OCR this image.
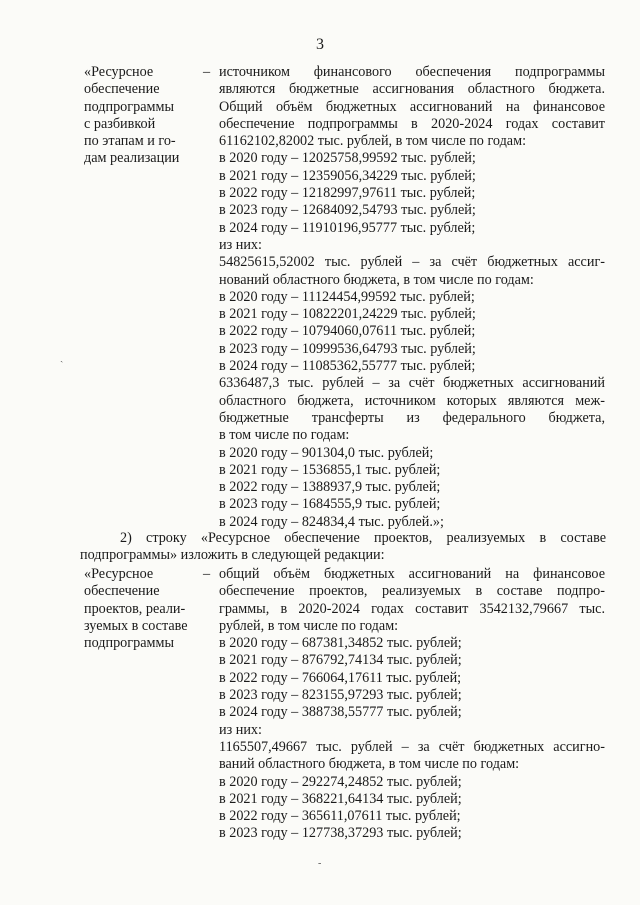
3
«Ресурсное
обеспечение
подпрограммы
с разбивкой
по этапам и го-
дам реализации
– источником финансового обеспечения подпрограммы
являются бюджетные ассигнования областного бюджета.
Общий объём бюджетных ассигнований на финансовое
обеспечение подпрограммы в 2020-2024 годах составит
61162102,82002 тыс. рублей, в том числе по годам:
в 2020 году – 12025758,99592 тыс. рублей;
в 2021 году – 12359056,34229 тыс. рублей;
в 2022 году – 12182997,97611 тыс. рублей;
в 2023 году – 12684092,54793 тыс. рублей;
в 2024 году – 11910196,95777 тыс. рублей;
из них:
54825615,52002 тыс. рублей – за счёт бюджетных ассиг-
нований областного бюджета, в том числе по годам:
в 2020 году – 11124454,99592 тыс. рублей;
в 2021 году – 10822201,24229 тыс. рублей;
в 2022 году – 10794060,07611 тыс. рублей;
в 2023 году – 10999536,64793 тыс. рублей;
в 2024 году – 11085362,55777 тыс. рублей;
6336487,3 тыс. рублей – за счёт бюджетных ассигнований
областного бюджета, источником которых являются меж-
бюджетные трансферты из федерального бюджета,
в том числе по годам:
в 2020 году – 901304,0 тыс. рублей;
в 2021 году – 1536855,1 тыс. рублей;
в 2022 году – 1388937,9 тыс. рублей;
в 2023 году – 1684555,9 тыс. рублей;
в 2024 году – 824834,4 тыс. рублей.»;
ˎ
2) строку «Ресурсное обеспечение проектов, реализуемых в составе
подпрограммы» изложить в следующей редакции:
«Ресурсное
обеспечение
проектов, реали-
зуемых в составе
подпрограммы
– общий объём бюджетных ассигнований на финансовое
обеспечение проектов, реализуемых в составе подпро-
граммы, в 2020-2024 годах составит 3542132,79667 тыс.
рублей, в том числе по годам:
в 2020 году – 687381,34852 тыс. рублей;
в 2021 году – 876792,74134 тыс. рублей;
в 2022 году – 766064,17611 тыс. рублей;
в 2023 году – 823155,97293 тыс. рублей;
в 2024 году – 388738,55777 тыс. рублей;
из них:
1165507,49667 тыс. рублей – за счёт бюджетных ассигно-
ваний областного бюджета, в том числе по годам:
в 2020 году – 292274,24852 тыс. рублей;
в 2021 году – 368221,64134 тыс. рублей;
в 2022 году – 365611,07611 тыс. рублей;
в 2023 году – 127738,37293 тыс. рублей;
-
